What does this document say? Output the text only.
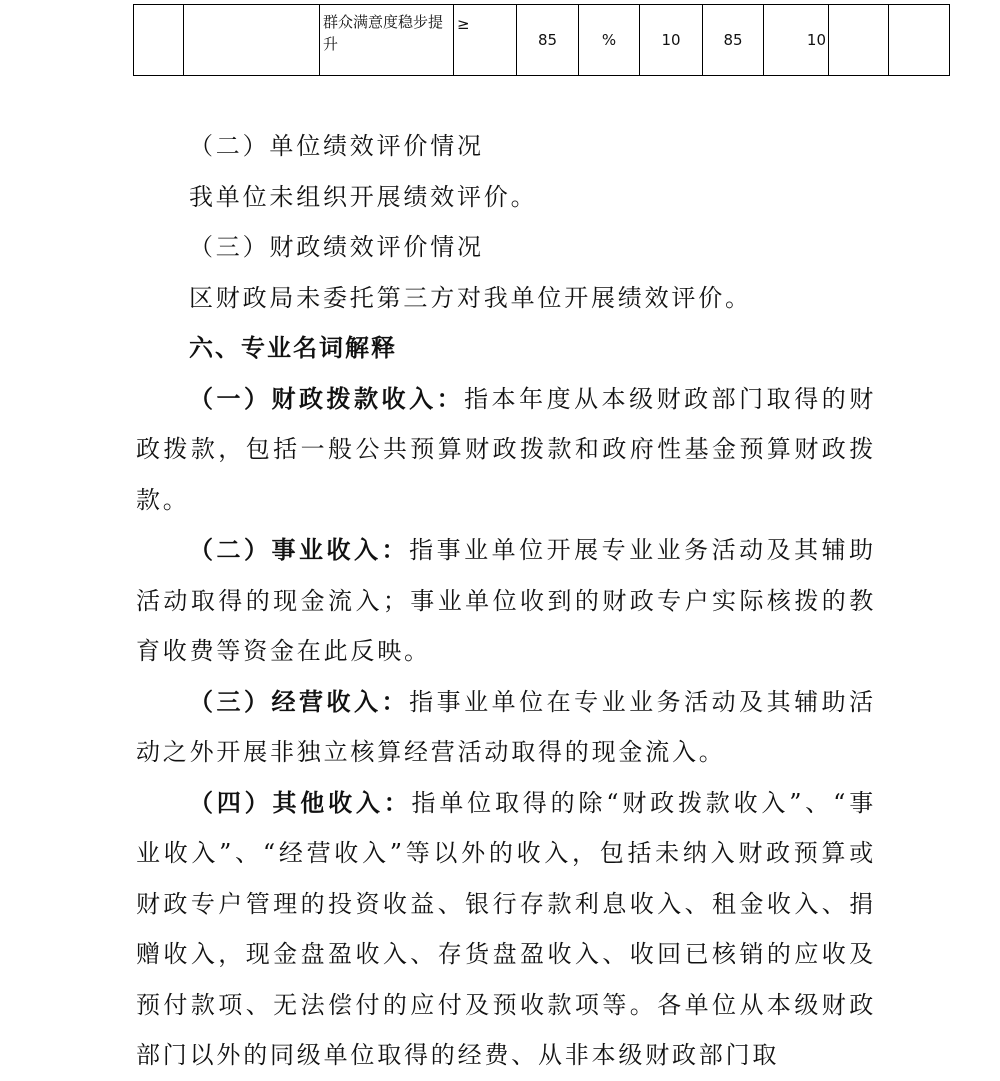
		群众满意度稳步提升	≥	85	%	10	85	10		

（二）单位绩效评价情况

我单位未组织开展绩效评价。

（三）财政绩效评价情况

区财政局未委托第三方对我单位开展绩效评价。

六、专业名词解释

（一）财政拨款收入：指本年度从本级财政部门取得的财政拨款，包括一般公共预算财政拨款和政府性基金预算财政拨款。

（二）事业收入：指事业单位开展专业业务活动及其辅助活动取得的现金流入；事业单位收到的财政专户实际核拨的教育收费等资金在此反映。

（三）经营收入：指事业单位在专业业务活动及其辅助活动之外开展非独立核算经营活动取得的现金流入。

（四）其他收入：指单位取得的除“财政拨款收入”、“事业收入”、“经营收入”等以外的收入，包括未纳入财政预算或财政专户管理的投资收益、银行存款利息收入、租金收入、捐赠收入，现金盘盈收入、存货盘盈收入、收回已核销的应收及预付款项、无法偿付的应付及预收款项等。各单位从本级财政部门以外的同级单位取得的经费、从非本级财政部门取
